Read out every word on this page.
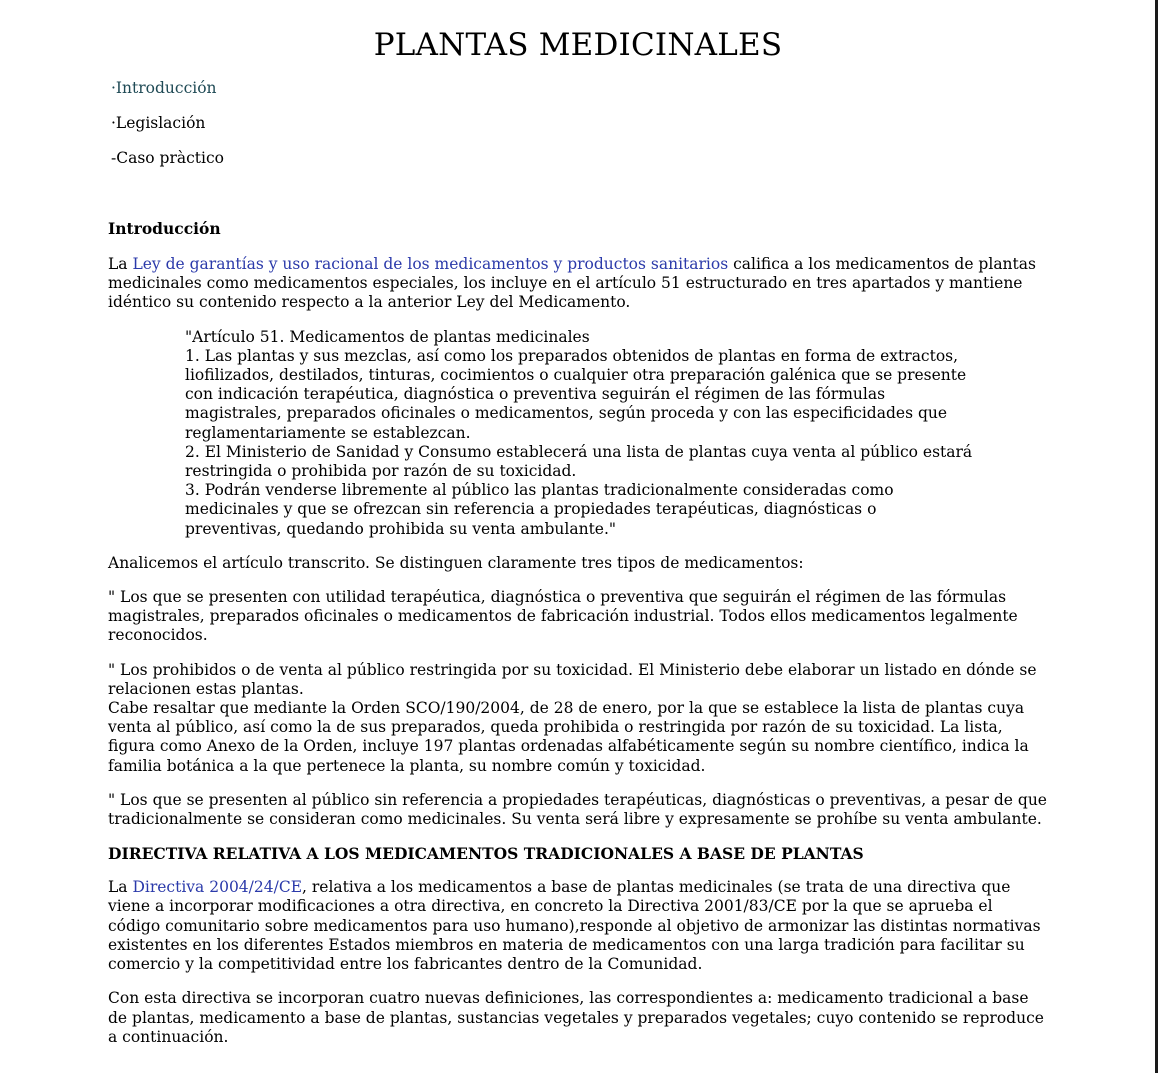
PLANTAS MEDICINALES
·Introducción
·Legislación
-Caso pràctico
Introducción

La Ley de garantías y uso racional de los medicamentos y productos sanitarios califica a los medicamentos de plantas medicinales como medicamentos especiales, los incluye en el artículo 51 estructurado en tres apartados y mantiene idéntico su contenido respecto a la anterior Ley del Medicamento.

"Artículo 51. Medicamentos de plantas medicinales
1. Las plantas y sus mezclas, así como los preparados obtenidos de plantas en forma de extractos, liofilizados, destilados, tinturas, cocimientos o cualquier otra preparación galénica que se presente con indicación terapéutica, diagnóstica o preventiva seguirán el régimen de las fórmulas magistrales, preparados oficinales o medicamentos, según proceda y con las especificidades que reglamentariamente se establezcan.
2. El Ministerio de Sanidad y Consumo establecerá una lista de plantas cuya venta al público estará restringida o prohibida por razón de su toxicidad.
3. Podrán venderse libremente al público las plantas tradicionalmente consideradas como medicinales y que se ofrezcan sin referencia a propiedades terapéuticas, diagnósticas o preventivas, quedando prohibida su venta ambulante."

Analicemos el artículo transcrito. Se distinguen claramente tres tipos de medicamentos:

" Los que se presenten con utilidad terapéutica, diagnóstica o preventiva que seguirán el régimen de las fórmulas magistrales, preparados oficinales o medicamentos de fabricación industrial. Todos ellos medicamentos legalmente reconocidos.

" Los prohibidos o de venta al público restringida por su toxicidad. El Ministerio debe elaborar un listado en dónde se relacionen estas plantas.

Cabe resaltar que mediante la Orden SCO/190/2004, de 28 de enero, por la que se establece la lista de plantas cuya venta al público, así como la de sus preparados, queda prohibida o restringida por razón de su toxicidad. La lista, figura como Anexo de la Orden, incluye 197 plantas ordenadas alfabéticamente según su nombre científico, indica la familia botánica a la que pertenece la planta, su nombre común y toxicidad.

" Los que se presenten al público sin referencia a propiedades terapéuticas, diagnósticas o preventivas, a pesar de que tradicionalmente se consideran como medicinales. Su venta será libre y expresamente se prohíbe su venta ambulante.

DIRECTIVA RELATIVA A LOS MEDICAMENTOS TRADICIONALES A BASE DE PLANTAS

La Directiva 2004/24/CE, relativa a los medicamentos a base de plantas medicinales (se trata de una directiva que viene a incorporar modificaciones a otra directiva, en concreto la Directiva 2001/83/CE por la que se aprueba el código comunitario sobre medicamentos para uso humano),responde al objetivo de armonizar las distintas normativas existentes en los diferentes Estados miembros en materia de medicamentos con una larga tradición para facilitar su comercio y la competitividad entre los fabricantes dentro de la Comunidad.

Con esta directiva se incorporan cuatro nuevas definiciones, las correspondientes a: medicamento tradicional a base de plantas, medicamento a base de plantas, sustancias vegetales y preparados vegetales; cuyo contenido se reproduce a continuación.
